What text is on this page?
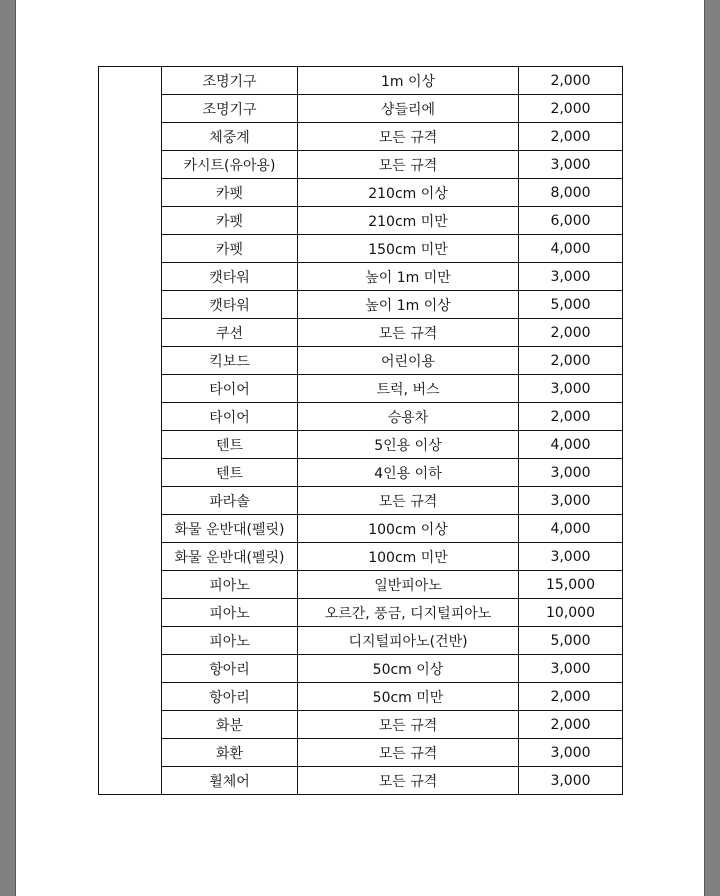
	조명기구	1m 이상	2,000
	조명기구	샹들리에	2,000
	체중계	모든 규격	2,000
	카시트(유아용)	모든 규격	3,000
	카펫	210cm 이상	8,000
	카펫	210cm 미만	6,000
	카펫	150cm 미만	4,000
	캣타워	높이 1m 미만	3,000
	캣타워	높이 1m 이상	5,000
	쿠션	모든 규격	2,000
	킥보드	어린이용	2,000
	타이어	트럭, 버스	3,000
	타이어	승용차	2,000
	텐트	5인용 이상	4,000
	텐트	4인용 이하	3,000
	파라솔	모든 규격	3,000
	화물 운반대(펠릿)	100cm 이상	4,000
	화물 운반대(펠릿)	100cm 미만	3,000
	피아노	일반피아노	15,000
	피아노	오르간, 풍금, 디지털피아노	10,000
	피아노	디지털피아노(건반)	5,000
	항아리	50cm 이상	3,000
	항아리	50cm 미만	2,000
	화분	모든 규격	2,000
	화환	모든 규격	3,000
	휠체어	모든 규격	3,000
